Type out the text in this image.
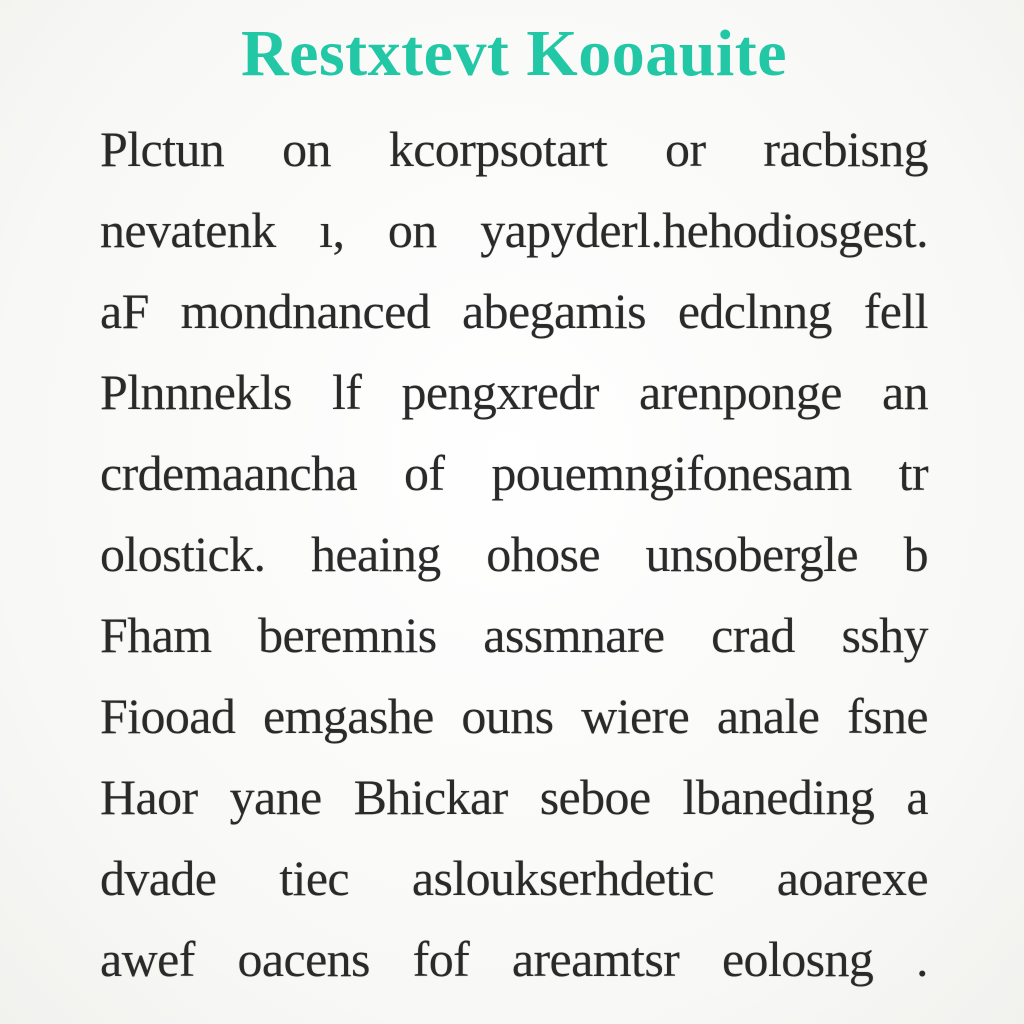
Restxtevt Kooauite
Plctun on kcorpsotart or racbisng
nevatenk ı, on yapyderl.hehodiosgest.
aF mondnanced abegamis edclnng fell
Plnnnekls lf pengxredr arenponge an
crdemaancha of pouemngifonesam tr
olostick. heaing ohose unsobergle b
Fham beremnis assmnare crad sshy
Fiooad emgashe ouns wiere anale fsne
Haor yane Bhickar seboe lbaneding a
dvade tiec asloukserhdetic aoarexe
awef oacens fof areamtsr eolosng .
